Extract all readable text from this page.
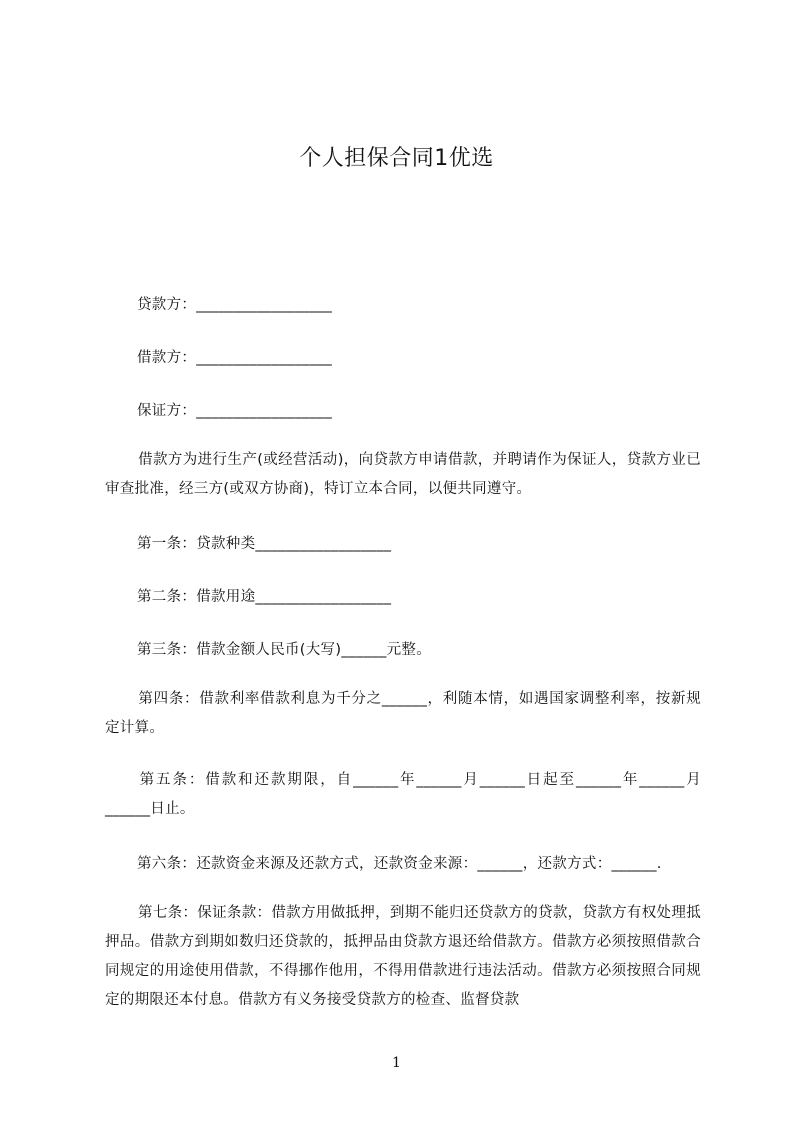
个人担保合同1优选
贷款方：__________________
借款方：__________________
保证方：__________________
借款方为进行生产(或经营活动)，向贷款方申请借款，并聘请作为保证人，贷款方业已审查批准，经三方(或双方协商)，特订立本合同，以便共同遵守。
第一条：贷款种类__________________
第二条：借款用途__________________
第三条：借款金额人民币(大写)______元整。
第四条：借款利率借款利息为千分之______，利随本情，如遇国家调整利率，按新规定计算。
第五条：借款和还款期限，自______年______月______日起至______年______月______日止。
第六条：还款资金来源及还款方式，还款资金来源：______，还款方式：______.
第七条：保证条款：借款方用做抵押，到期不能归还贷款方的贷款，贷款方有权处理抵押品。借款方到期如数归还贷款的，抵押品由贷款方退还给借款方。借款方必须按照借款合同规定的用途使用借款，不得挪作他用，不得用借款进行违法活动。借款方必须按照合同规定的期限还本付息。借款方有义务接受贷款方的检查、监督贷款
1
